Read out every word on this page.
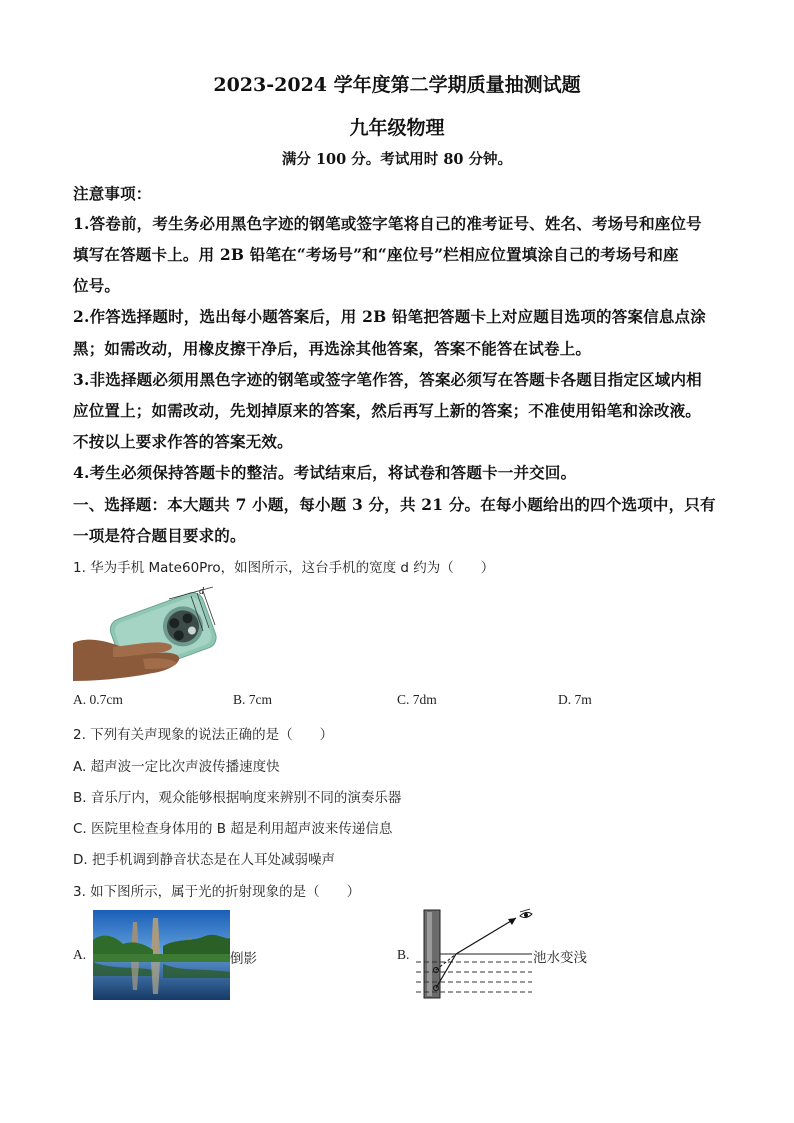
2023-2024 学年度第二学期质量抽测试题
九年级物理
满分 100 分。考试用时 80 分钟。
注意事项：
1.答卷前，考生务必用黑色字迹的钢笔或签字笔将自己的准考证号、姓名、考场号和座位号
填写在答题卡上。用 2B 铅笔在“考场号”和“座位号”栏相应位置填涂自己的考场号和座
位号。
2.作答选择题时，选出每小题答案后，用 2B 铅笔把答题卡上对应题目选项的答案信息点涂
黑；如需改动，用橡皮擦干净后，再选涂其他答案，答案不能答在试卷上。
3.非选择题必须用黑色字迹的钢笔或签字笔作答，答案必须写在答题卡各题目指定区域内相
应位置上；如需改动，先划掉原来的答案，然后再写上新的答案；不准使用铅笔和涂改液。
不按以上要求作答的答案无效。
4.考生必须保持答题卡的整洁。考试结束后，将试卷和答题卡一并交回。
一、选择题：本大题共 7 小题，每小题 3 分，共 21 分。在每小题给出的四个选项中，只有
一项是符合题目要求的。
1. 华为手机 Mate60Pro，如图所示，这台手机的宽度 d 约为（　　）
d
A. 0.7cm	B. 7cm	C. 7dm	D. 7m
2. 下列有关声现象的说法正确的是（　　）
A. 超声波一定比次声波传播速度快
B. 音乐厅内，观众能够根据响度来辨别不同的演奏乐器
C. 医院里检查身体用的 B 超是利用超声波来传递信息
D. 把手机调到静音状态是在人耳处减弱噪声
3. 如下图所示，属于光的折射现象的是（　　）
A.	倒影	B.	池水变浅
